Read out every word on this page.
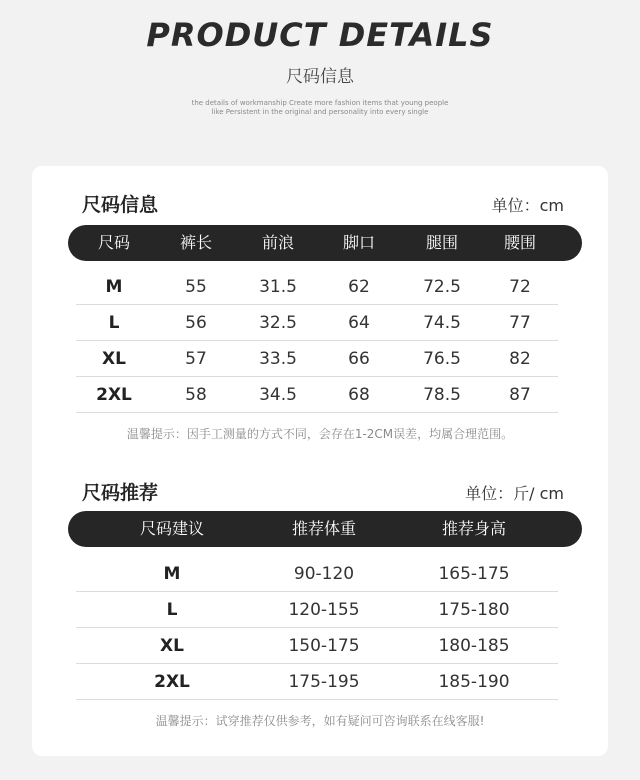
PRODUCT DETAILS
尺码信息
the details of workmanship Create more fashion items that young people
like Persistent in the original and personality into every single
尺码信息	单位：cm
尺码	裤长	前浪	脚口	腿围	腰围
M	55	31.5	62	72.5	72
L	56	32.5	64	74.5	77
XL	57	33.5	66	76.5	82
2XL	58	34.5	68	78.5	87
温馨提示：因手工测量的方式不同，会存在1-2CM误差，均属合理范围。
尺码推荐	单位：斤/ cm
尺码建议	推荐体重	推荐身高
M	90-120	165-175
L	120-155	175-180
XL	150-175	180-185
2XL	175-195	185-190
温馨提示：试穿推荐仅供参考，如有疑问可咨询联系在线客服!
